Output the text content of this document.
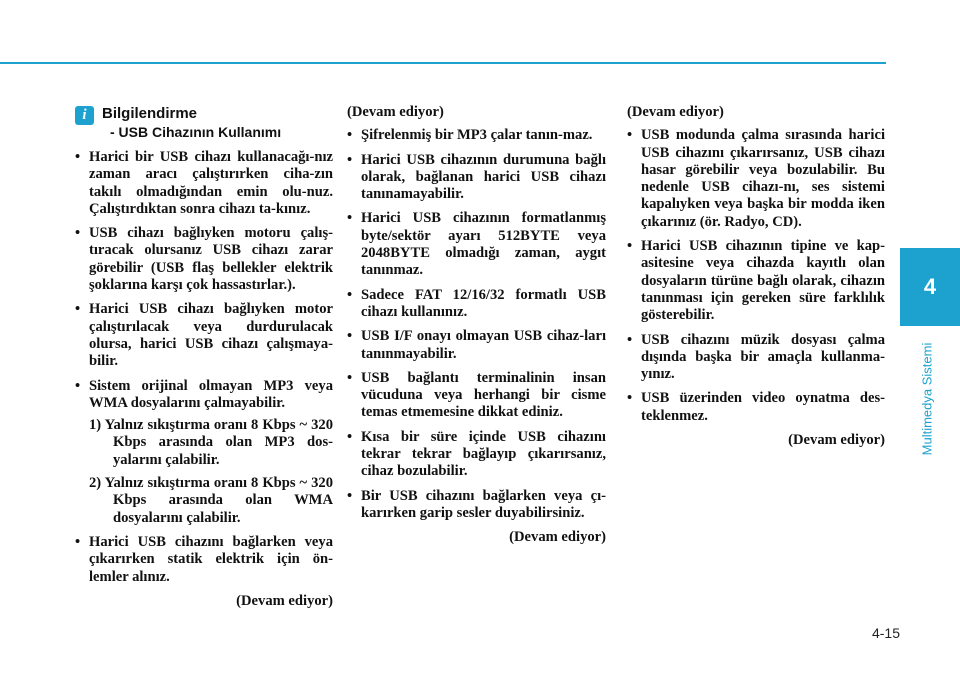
4
Multimedya Sistemi
i	Bilgilendirme
- USB Cihazının Kullanımı
• Harici bir USB cihazı kullanacağı-nız zaman aracı çalıştırırken ciha-zın takılı olmadığından emin olu-nuz. Çalıştırdıktan sonra cihazı ta-kınız.
• USB cihazı bağlıyken motoru çalış-tıracak olursanız USB cihazı zarar görebilir (USB flaş bellekler elektrik şoklarına karşı çok hassastırlar.).
• Harici USB cihazı bağlıyken motor çalıştırılacak veya durdurulacak olursa, harici USB cihazı çalışmaya-bilir.
• Sistem orijinal olmayan MP3 veya WMA dosyalarını çalmayabilir.
1) Yalnız sıkıştırma oranı 8 Kbps ~ 320 Kbps arasında olan MP3 dos-yalarını çalabilir.
2) Yalnız sıkıştırma oranı 8 Kbps ~ 320 Kbps arasında olan WMA dosyalarını çalabilir.
• Harici USB cihazını bağlarken veya çıkarırken statik elektrik için ön-lemler alınız.
(Devam ediyor)
(Devam ediyor)
• Şifrelenmiş bir MP3 çalar tanın-maz.
• Harici USB cihazının durumuna bağlı olarak, bağlanan harici USB cihazı tanınamayabilir.
• Harici USB cihazının formatlanmış byte/sektör ayarı 512BYTE veya 2048BYTE olmadığı zaman, aygıt tanınmaz.
• Sadece FAT 12/16/32 formatlı USB cihazı kullanınız.
• USB I/F onayı olmayan USB cihaz-ları tanınmayabilir.
• USB bağlantı terminalinin insan vücuduna veya herhangi bir cisme temas etmemesine dikkat ediniz.
• Kısa bir süre içinde USB cihazını tekrar tekrar bağlayıp çıkarırsanız, cihaz bozulabilir.
• Bir USB cihazını bağlarken veya çı-karırken garip sesler duyabilirsiniz.
(Devam ediyor)
(Devam ediyor)
• USB modunda çalma sırasında harici USB cihazını çıkarırsanız, USB cihazı hasar görebilir veya bozulabilir. Bu nedenle USB cihazı-nı, ses sistemi kapalıyken veya başka bir modda iken çıkarınız (ör. Radyo, CD).
• Harici USB cihazının tipine ve kap-asitesine veya cihazda kayıtlı olan dosyaların türüne bağlı olarak, cihazın tanınması için gereken süre farklılık gösterebilir.
• USB cihazını müzik dosyası çalma dışında başka bir amaçla kullanma-yınız.
• USB üzerinden video oynatma des-teklenmez.
(Devam ediyor)
4-15
